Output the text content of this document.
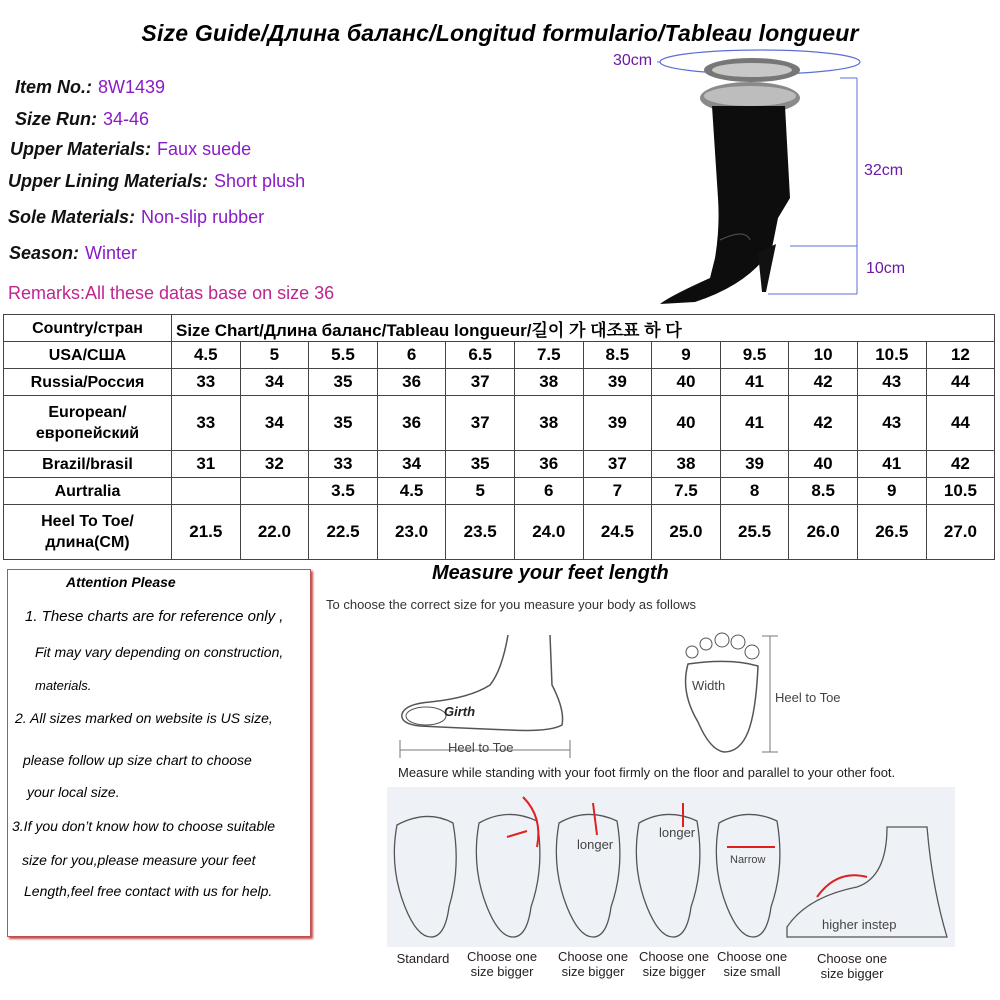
Size Guide/Длина баланс/Longitud formulario/Tableau longueur
Item No.: 8W1439
Size Run: 34-46
Upper Materials: Faux suede
Upper Lining Materials: Short plush
Sole Materials: Non-slip rubber
Season: Winter
Remarks:All these datas base on size 36
30cm
32cm
10cm
Country/стран	Size Chart/Длина баланс/Tableau longueur/길이 가 대조표 하 다											
USA/США	4.5	5	5.5	6	6.5	7.5	8.5	9	9.5	10	10.5	12
Russia/Россия	33	34	35	36	37	38	39	40	41	42	43	44
European/европейский	33	34	35	36	37	38	39	40	41	42	43	44
Brazil/brasil	31	32	33	34	35	36	37	38	39	40	41	42
Aurtralia			3.5	4.5	5	6	7	7.5	8	8.5	9	10.5
Heel To Toe/длина(CM)	21.5	22.0	22.5	23.0	23.5	24.0	24.5	25.0	25.5	26.0	26.5	27.0
Attention Please
1. These charts are for reference only ,
Fit may vary depending on construction,
materials.
2. All sizes marked on website is US size,
please follow up size chart to choose
your local size.
3.If you don’t know how to choose suitable
size for you,please measure your feet
Length,feel free contact with us for help.
Measure your feet length
To choose the correct size for you measure your body as follows
Girth
Heel to Toe
Width
Heel to Toe
Measure while standing with your foot firmly on the floor and parallel to your other foot.
longer
longer
Narrow
higher instep
Standard	Choose one size bigger
Choose one size bigger
Choose one size bigger
Choose one size small
Choose one size bigger
